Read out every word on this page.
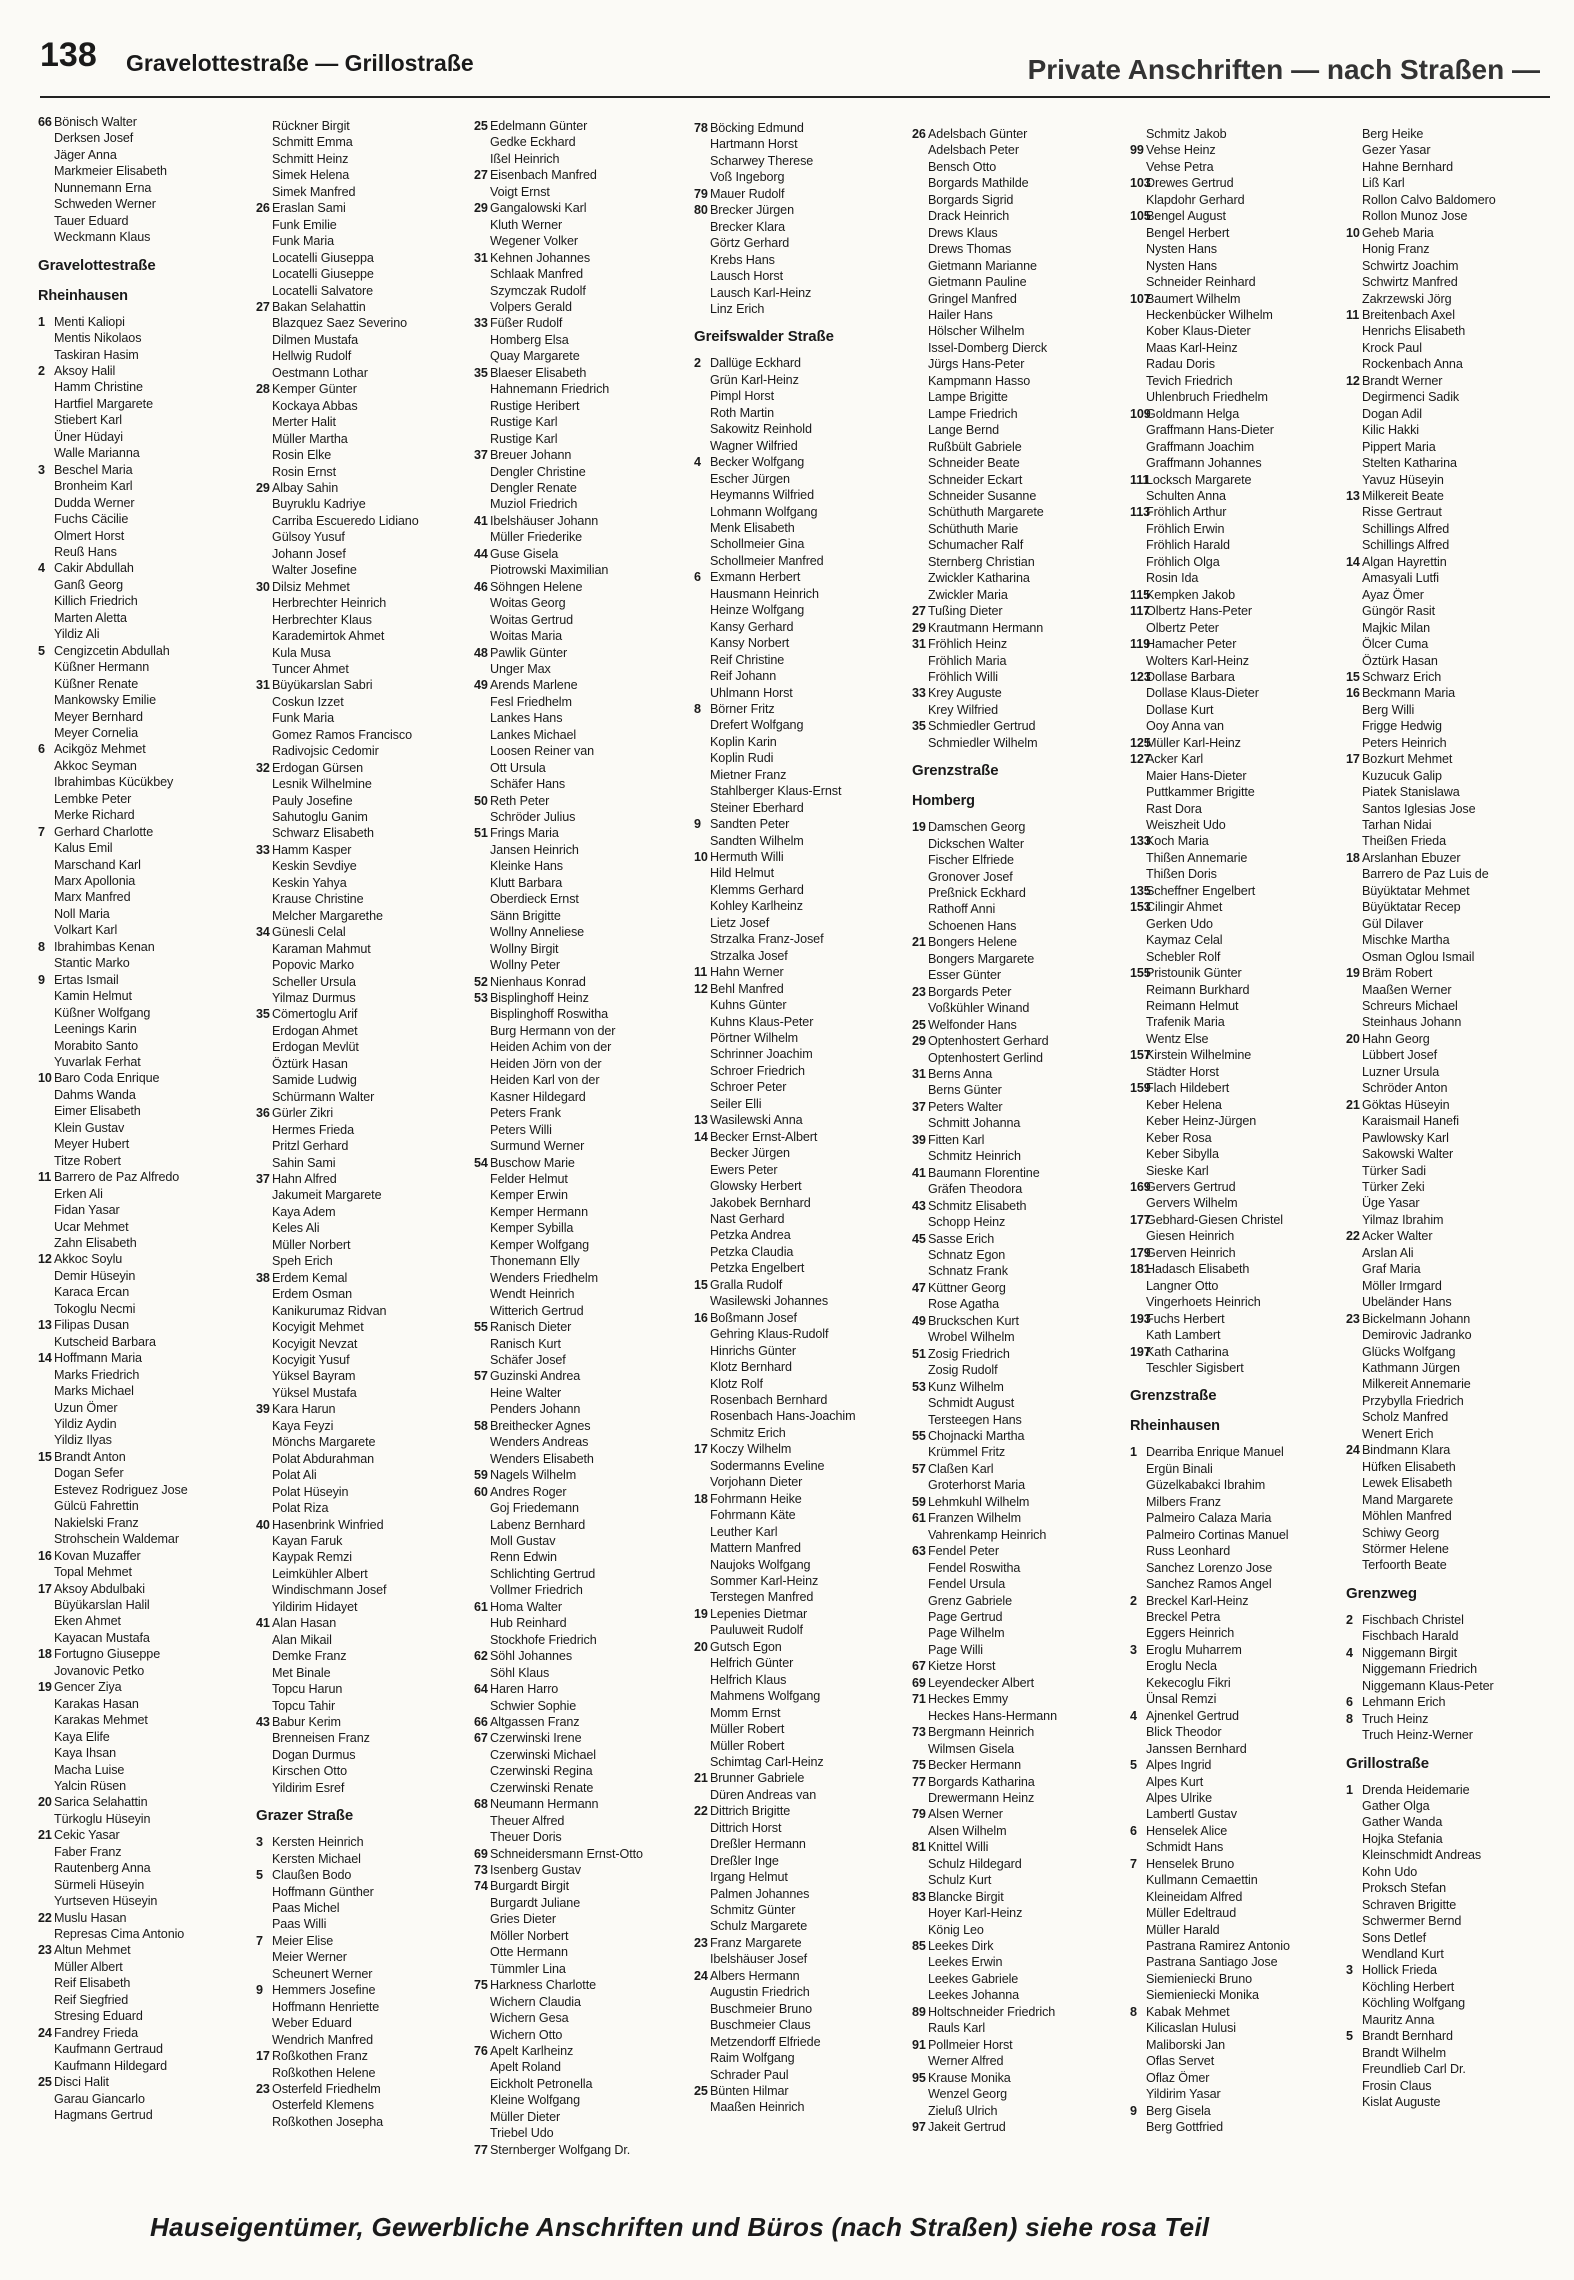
138 Gravelottestraße — Grillostraße	Private Anschriften — nach Straßen —
66 Bönisch Walter
Derksen Josef
Jäger Anna
Markmeier Elisabeth
Nunnemann Erna
Schweden Werner
Tauer Eduard
Weckmann Klaus
Gravelottestraße
Rheinhausen
1 Menti Kaliopi
Mentis Nikolaos
Taskiran Hasim
2 Aksoy Halil
Hamm Christine
Hartfiel Margarete
Stiebert Karl
Üner Hüdayi
Walle Marianna
3 Beschel Maria
Bronheim Karl
Dudda Werner
Fuchs Cäcilie
Olmert Horst
Reuß Hans
4 Cakir Abdullah
Ganß Georg
Killich Friedrich
Marten Aletta
Yildiz Ali
5 Cengizcetin Abdullah
Küßner Hermann
Küßner Renate
Mankowsky Emilie
Meyer Bernhard
Meyer Cornelia
6 Acikgöz Mehmet
Akkoc Seyman
Ibrahimbas Kücükbey
Lembke Peter
Merke Richard
7 Gerhard Charlotte
Kalus Emil
Marschand Karl
Marx Apollonia
Marx Manfred
Noll Maria
Volkart Karl
8 Ibrahimbas Kenan
Stantic Marko
9 Ertas Ismail
Kamin Helmut
Küßner Wolfgang
Leenings Karin
Morabito Santo
Yuvarlak Ferhat
10 Baro Coda Enrique
Dahms Wanda
Eimer Elisabeth
Klein Gustav
Meyer Hubert
Titze Robert
11 Barrero de Paz Alfredo
Erken Ali
Fidan Yasar
Ucar Mehmet
Zahn Elisabeth
12 Akkoc Soylu
Demir Hüseyin
Karaca Ercan
Tokoglu Necmi
13 Filipas Dusan
Kutscheid Barbara
14 Hoffmann Maria
Marks Friedrich
Marks Michael
Uzun Ömer
Yildiz Aydin
Yildiz Ilyas
15 Brandt Anton
Dogan Sefer
Estevez Rodriguez Jose
Gülcü Fahrettin
Nakielski Franz
Strohschein Waldemar
16 Kovan Muzaffer
Topal Mehmet
17 Aksoy Abdulbaki
Büyükarslan Halil
Eken Ahmet
Kayacan Mustafa
18 Fortugno Giuseppe
Jovanovic Petko
19 Gencer Ziya
Karakas Hasan
Karakas Mehmet
Kaya Elife
Kaya Ihsan
Macha Luise
Yalcin Rüsen
20 Sarica Selahattin
Türkoglu Hüseyin
21 Cekic Yasar
Faber Franz
Rautenberg Anna
Sürmeli Hüseyin
Yurtseven Hüseyin
22 Muslu Hasan
Represas Cima Antonio
23 Altun Mehmet
Müller Albert
Reif Elisabeth
Reif Siegfried
Stresing Eduard
24 Fandrey Frieda
Kaufmann Gertraud
Kaufmann Hildegard
25 Disci Halit
Garau Giancarlo
Hagmans Gertrud
Rückner Birgit
Schmitt Emma
Schmitt Heinz
Simek Helena
Simek Manfred
26 Eraslan Sami
Funk Emilie
Funk Maria
Locatelli Giuseppa
Locatelli Giuseppe
Locatelli Salvatore
27 Bakan Selahattin
Blazquez Saez Severino
Dilmen Mustafa
Hellwig Rudolf
Oestmann Lothar
28 Kemper Günter
Kockaya Abbas
Merter Halit
Müller Martha
Rosin Elke
Rosin Ernst
29 Albay Sahin
Buyruklu Kadriye
Carriba Escueredo Lidiano
Gülsoy Yusuf
Johann Josef
Walter Josefine
30 Dilsiz Mehmet
Herbrechter Heinrich
Herbrechter Klaus
Karademirtok Ahmet
Kula Musa
Tuncer Ahmet
31 Büyükarslan Sabri
Coskun Izzet
Funk Maria
Gomez Ramos Francisco
Radivojsic Cedomir
32 Erdogan Gürsen
Lesnik Wilhelmine
Pauly Josefine
Sahutoglu Ganim
Schwarz Elisabeth
33 Hamm Kasper
Keskin Sevdiye
Keskin Yahya
Krause Christine
Melcher Margarethe
34 Günesli Celal
Karaman Mahmut
Popovic Marko
Scheller Ursula
Yilmaz Durmus
35 Cömertoglu Arif
Erdogan Ahmet
Erdogan Mevlüt
Öztürk Hasan
Samide Ludwig
Schürmann Walter
36 Gürler Zikri
Hermes Frieda
Pritzl Gerhard
Sahin Sami
37 Hahn Alfred
Jakumeit Margarete
Kaya Adem
Keles Ali
Müller Norbert
Speh Erich
38 Erdem Kemal
Erdem Osman
Kanikurumaz Ridvan
Kocyigit Mehmet
Kocyigit Nevzat
Kocyigit Yusuf
Yüksel Bayram
Yüksel Mustafa
39 Kara Harun
Kaya Feyzi
Mönchs Margarete
Polat Abdurahman
Polat Ali
Polat Hüseyin
Polat Riza
40 Hasenbrink Winfried
Kayan Faruk
Kaypak Remzi
Leimkühler Albert
Windischmann Josef
Yildirim Hidayet
41 Alan Hasan
Alan Mikail
Demke Franz
Met Binale
Topcu Harun
Topcu Tahir
43 Babur Kerim
Brenneisen Franz
Dogan Durmus
Kirschen Otto
Yildirim Esref
Grazer Straße
3 Kersten Heinrich
Kersten Michael
5 Claußen Bodo
Hoffmann Günther
Paas Michel
Paas Willi
7 Meier Elise
Meier Werner
Scheunert Werner
9 Hemmers Josefine
Hoffmann Henriette
Weber Eduard
Wendrich Manfred
17 Roßkothen Franz
Roßkothen Helene
23 Osterfeld Friedhelm
Osterfeld Klemens
Roßkothen Josepha
25 Edelmann Günter
Gedke Eckhard
Ißel Heinrich
27 Eisenbach Manfred
Voigt Ernst
29 Gangalowski Karl
Kluth Werner
Wegener Volker
31 Kehnen Johannes
Schlaak Manfred
Szymczak Rudolf
Volpers Gerald
33 Füßer Rudolf
Homberg Elsa
Quay Margarete
35 Blaeser Elisabeth
Hahnemann Friedrich
Rustige Heribert
Rustige Karl
Rustige Karl
37 Breuer Johann
Dengler Christine
Dengler Renate
Muziol Friedrich
41 Ibelshäuser Johann
Müller Friederike
44 Guse Gisela
Piotrowski Maximilian
46 Söhngen Helene
Woitas Georg
Woitas Gertrud
Woitas Maria
48 Pawlik Günter
Unger Max
49 Arends Marlene
Fesl Friedhelm
Lankes Hans
Lankes Michael
Loosen Reiner van
Ott Ursula
Schäfer Hans
50 Reth Peter
Schröder Julius
51 Frings Maria
Jansen Heinrich
Kleinke Hans
Klutt Barbara
Oberdieck Ernst
Sänn Brigitte
Wollny Anneliese
Wollny Birgit
Wollny Peter
52 Nienhaus Konrad
53 Bisplinghoff Heinz
Bisplinghoff Roswitha
Burg Hermann von der
Heiden Achim von der
Heiden Jörn von der
Heiden Karl von der
Kasner Hildegard
Peters Frank
Peters Willi
Surmund Werner
54 Buschow Marie
Felder Helmut
Kemper Erwin
Kemper Hermann
Kemper Sybilla
Kemper Wolfgang
Thonemann Elly
Wenders Friedhelm
Wendt Heinrich
Witterich Gertrud
55 Ranisch Dieter
Ranisch Kurt
Schäfer Josef
57 Guzinski Andrea
Heine Walter
Penders Johann
58 Breithecker Agnes
Wenders Andreas
Wenders Elisabeth
59 Nagels Wilhelm
60 Andres Roger
Goj Friedemann
Labenz Bernhard
Moll Gustav
Renn Edwin
Schlichting Gertrud
Vollmer Friedrich
61 Homa Walter
Hub Reinhard
Stockhofe Friedrich
62 Söhl Johannes
Söhl Klaus
64 Haren Harro
Schwier Sophie
66 Altgassen Franz
67 Czerwinski Irene
Czerwinski Michael
Czerwinski Regina
Czerwinski Renate
68 Neumann Hermann
Theuer Alfred
Theuer Doris
69 Schneidersmann Ernst-Otto
73 Isenberg Gustav
74 Burgardt Birgit
Burgardt Juliane
Gries Dieter
Möller Norbert
Otte Hermann
Tümmler Lina
75 Harkness Charlotte
Wichern Claudia
Wichern Gesa
Wichern Otto
76 Apelt Karlheinz
Apelt Roland
Eickholt Petronella
Kleine Wolfgang
Müller Dieter
Triebel Udo
77 Sternberger Wolfgang Dr.
78 Böcking Edmund
Hartmann Horst
Scharwey Therese
Voß Ingeborg
79 Mauer Rudolf
80 Brecker Jürgen
Brecker Klara
Görtz Gerhard
Krebs Hans
Lausch Horst
Lausch Karl-Heinz
Linz Erich
Greifswalder Straße
2 Dallüge Eckhard
Grün Karl-Heinz
Pimpl Horst
Roth Martin
Sakowitz Reinhold
Wagner Wilfried
4 Becker Wolfgang
Escher Jürgen
Heymanns Wilfried
Lohmann Wolfgang
Menk Elisabeth
Schollmeier Gina
Schollmeier Manfred
6 Exmann Herbert
Hausmann Heinrich
Heinze Wolfgang
Kansy Gerhard
Kansy Norbert
Reif Christine
Reif Johann
Uhlmann Horst
8 Börner Fritz
Drefert Wolfgang
Koplin Karin
Koplin Rudi
Mietner Franz
Stahlberger Klaus-Ernst
Steiner Eberhard
9 Sandten Peter
Sandten Wilhelm
10 Hermuth Willi
Hild Helmut
Klemms Gerhard
Kohley Karlheinz
Lietz Josef
Strzalka Franz-Josef
Strzalka Josef
11 Hahn Werner
12 Behl Manfred
Kuhns Günter
Kuhns Klaus-Peter
Pörtner Wilhelm
Schrinner Joachim
Schroer Friedrich
Schroer Peter
Seiler Elli
13 Wasilewski Anna
14 Becker Ernst-Albert
Becker Jürgen
Ewers Peter
Glowsky Herbert
Jakobek Bernhard
Nast Gerhard
Petzka Andrea
Petzka Claudia
Petzka Engelbert
15 Gralla Rudolf
Wasilewski Johannes
16 Boßmann Josef
Gehring Klaus-Rudolf
Hinrichs Günter
Klotz Bernhard
Klotz Rolf
Rosenbach Bernhard
Rosenbach Hans-Joachim
Schmitz Erich
17 Koczy Wilhelm
Sodermanns Eveline
Vorjohann Dieter
18 Fohrmann Heike
Fohrmann Käte
Leuther Karl
Mattern Manfred
Naujoks Wolfgang
Sommer Karl-Heinz
Terstegen Manfred
19 Lepenies Dietmar
Pauluweit Rudolf
20 Gutsch Egon
Helfrich Günter
Helfrich Klaus
Mahmens Wolfgang
Momm Ernst
Müller Robert
Müller Robert
Schimtag Carl-Heinz
21 Brunner Gabriele
Düren Andreas van
22 Dittrich Brigitte
Dittrich Horst
Dreßler Hermann
Dreßler Inge
Irgang Helmut
Palmen Johannes
Schmitz Günter
Schulz Margarete
23 Franz Margarete
Ibelshäuser Josef
24 Albers Hermann
Augustin Friedrich
Buschmeier Bruno
Buschmeier Claus
Metzendorff Elfriede
Raim Wolfgang
Schrader Paul
25 Bünten Hilmar
Maaßen Heinrich
26 Adelsbach Günter
Adelsbach Peter
Bensch Otto
Borgards Mathilde
Borgards Sigrid
Drack Heinrich
Drews Klaus
Drews Thomas
Gietmann Marianne
Gietmann Pauline
Gringel Manfred
Hailer Hans
Hölscher Wilhelm
Issel-Domberg Dierck
Jürgs Hans-Peter
Kampmann Hasso
Lampe Brigitte
Lampe Friedrich
Lange Bernd
Rußbült Gabriele
Schneider Beate
Schneider Eckart
Schneider Susanne
Schüthuth Margarete
Schüthuth Marie
Schumacher Ralf
Sternberg Christian
Zwickler Katharina
Zwickler Maria
27 Tußing Dieter
29 Krautmann Hermann
31 Fröhlich Heinz
Fröhlich Maria
Fröhlich Willi
33 Krey Auguste
Krey Wilfried
35 Schmiedler Gertrud
Schmiedler Wilhelm
Grenzstraße
Homberg
19 Damschen Georg
Dickschen Walter
Fischer Elfriede
Gronover Josef
Preßnick Eckhard
Rathoff Anni
Schoenen Hans
21 Bongers Helene
Bongers Margarete
Esser Günter
23 Borgards Peter
Voßkühler Winand
25 Welfonder Hans
29 Optenhostert Gerhard
Optenhostert Gerlind
31 Berns Anna
Berns Günter
37 Peters Walter
Schmitt Johanna
39 Fitten Karl
Schmitz Heinrich
41 Baumann Florentine
Gräfen Theodora
43 Schmitz Elisabeth
Schopp Heinz
45 Sasse Erich
Schnatz Egon
Schnatz Frank
47 Küttner Georg
Rose Agatha
49 Bruckschen Kurt
Wrobel Wilhelm
51 Zosig Friedrich
Zosig Rudolf
53 Kunz Wilhelm
Schmidt August
Tersteegen Hans
55 Chojnacki Martha
Krümmel Fritz
57 Claßen Karl
Groterhorst Maria
59 Lehmkuhl Wilhelm
61 Franzen Wilhelm
Vahrenkamp Heinrich
63 Fendel Peter
Fendel Roswitha
Fendel Ursula
Grenz Gabriele
Page Gertrud
Page Wilhelm
Page Willi
67 Kietze Horst
69 Leyendecker Albert
71 Heckes Emmy
Heckes Hans-Hermann
73 Bergmann Heinrich
Wilmsen Gisela
75 Becker Hermann
77 Borgards Katharina
Drewermann Heinz
79 Alsen Werner
Alsen Wilhelm
81 Knittel Willi
Schulz Hildegard
Schulz Kurt
83 Blancke Birgit
Hoyer Karl-Heinz
König Leo
85 Leekes Dirk
Leekes Erwin
Leekes Gabriele
Leekes Johanna
89 Holtschneider Friedrich
Rauls Karl
91 Pollmeier Horst
Werner Alfred
95 Krause Monika
Wenzel Georg
Zieluß Ulrich
97 Jakeit Gertrud
Schmitz Jakob
99 Vehse Heinz
Vehse Petra
103
Drewes Gertrud
Klapdohr Gerhard
105
Bengel August
Bengel Herbert
Nysten Hans
Nysten Hans
Schneider Reinhard
107
Baumert Wilhelm
Heckenbücker Wilhelm
Kober Klaus-Dieter
Maas Karl-Heinz
Radau Doris
Tevich Friedrich
Uhlenbruch Friedhelm
109
Goldmann Helga
Graffmann Hans-Dieter
Graffmann Joachim
Graffmann Johannes
111
Locksch Margarete
Schulten Anna
113
Fröhlich Arthur
Fröhlich Erwin
Fröhlich Harald
Fröhlich Olga
Rosin Ida
115
Kempken Jakob
117
Olbertz Hans-Peter
Olbertz Peter
119
Hamacher Peter
Wolters Karl-Heinz
123
Dollase Barbara
Dollase Klaus-Dieter
Dollase Kurt
Ooy Anna van
125
Müller Karl-Heinz
127
Acker Karl
Maier Hans-Dieter
Puttkammer Brigitte
Rast Dora
Weiszheit Udo
133
Koch Maria
Thißen Annemarie
Thißen Doris
135
Scheffner Engelbert
153
Cilingir Ahmet
Gerken Udo
Kaymaz Celal
Schebler Rolf
155
Pristounik Günter
Reimann Burkhard
Reimann Helmut
Trafenik Maria
Wentz Else
157
Kirstein Wilhelmine
Städter Horst
159
Flach Hildebert
Keber Helena
Keber Heinz-Jürgen
Keber Rosa
Keber Sibylla
Sieske Karl
169
Gervers Gertrud
Gervers Wilhelm
177
Gebhard-Giesen Christel
Giesen Heinrich
179
Gerven Heinrich
181
Hadasch Elisabeth
Langner Otto
Vingerhoets Heinrich
193
Fuchs Herbert
Kath Lambert
197
Kath Catharina
Teschler Sigisbert
Grenzstraße
Rheinhausen
1 Dearriba Enrique Manuel
Ergün Binali
Güzelkabakci Ibrahim
Milbers Franz
Palmeiro Calaza Maria
Palmeiro Cortinas Manuel
Russ Leonhard
Sanchez Lorenzo Jose
Sanchez Ramos Angel
2 Breckel Karl-Heinz
Breckel Petra
Eggers Heinrich
3 Eroglu Muharrem
Eroglu Necla
Kekecoglu Fikri
Ünsal Remzi
4 Ajnenkel Gertrud
Blick Theodor
Janssen Bernhard
5 Alpes Ingrid
Alpes Kurt
Alpes Ulrike
Lambertl Gustav
6 Henselek Alice
Schmidt Hans
7 Henselek Bruno
Kullmann Cemaettin
Kleineidam Alfred
Müller Edeltraud
Müller Harald
Pastrana Ramirez Antonio
Pastrana Santiago Jose
Siemieniecki Bruno
Siemieniecki Monika
8 Kabak Mehmet
Kilicaslan Hulusi
Maliborski Jan
Oflas Servet
Oflaz Ömer
Yildirim Yasar
9 Berg Gisela
Berg Gottfried
Berg Heike
Gezer Yasar
Hahne Bernhard
Liß Karl
Rollon Calvo Baldomero
Rollon Munoz Jose
10 Geheb Maria
Honig Franz
Schwirtz Joachim
Schwirtz Manfred
Zakrzewski Jörg
11 Breitenbach Axel
Henrichs Elisabeth
Krock Paul
Rockenbach Anna
12 Brandt Werner
Degirmenci Sadik
Dogan Adil
Kilic Hakki
Pippert Maria
Stelten Katharina
Yavuz Hüseyin
13 Milkereit Beate
Risse Gertraut
Schillings Alfred
Schillings Alfred
14 Algan Hayrettin
Amasyali Lutfi
Ayaz Ömer
Güngör Rasit
Majkic Milan
Ölcer Cuma
Öztürk Hasan
15 Schwarz Erich
16 Beckmann Maria
Berg Willi
Frigge Hedwig
Peters Heinrich
17 Bozkurt Mehmet
Kuzucuk Galip
Piatek Stanislawa
Santos Iglesias Jose
Tarhan Nidai
Theißen Frieda
18 Arslanhan Ebuzer
Barrero de Paz Luis de
Büyüktatar Mehmet
Büyüktatar Recep
Gül Dilaver
Mischke Martha
Osman Oglou Ismail
19 Bräm Robert
Maaßen Werner
Schreurs Michael
Steinhaus Johann
20 Hahn Georg
Lübbert Josef
Luzner Ursula
Schröder Anton
21 Göktas Hüseyin
Karaismail Hanefi
Pawlowsky Karl
Sakowski Walter
Türker Sadi
Türker Zeki
Üge Yasar
Yilmaz Ibrahim
22 Acker Walter
Arslan Ali
Graf Maria
Möller Irmgard
Ubeländer Hans
23 Bickelmann Johann
Demirovic Jadranko
Glücks Wolfgang
Kathmann Jürgen
Milkereit Annemarie
Przybylla Friedrich
Scholz Manfred
Wenert Erich
24 Bindmann Klara
Hüfken Elisabeth
Lewek Elisabeth
Mand Margarete
Möhlen Manfred
Schiwy Georg
Störmer Helene
Terfoorth Beate
Grenzweg
2 Fischbach Christel
Fischbach Harald
4 Niggemann Birgit
Niggemann Friedrich
Niggemann Klaus-Peter
6 Lehmann Erich
8 Truch Heinz
Truch Heinz-Werner
Grillostraße
1 Drenda Heidemarie
Gather Olga
Gather Wanda
Hojka Stefania
Kleinschmidt Andreas
Kohn Udo
Proksch Stefan
Schraven Brigitte
Schwermer Bernd
Sons Detlef
Wendland Kurt
3 Hollick Frieda
Köchling Herbert
Köchling Wolfgang
Mauritz Anna
5 Brandt Bernhard
Brandt Wilhelm
Freundlieb Carl Dr.
Frosin Claus
Kislat Auguste
Hauseigentümer, Gewerbliche Anschriften und Büros (nach Straßen) siehe rosa Teil
